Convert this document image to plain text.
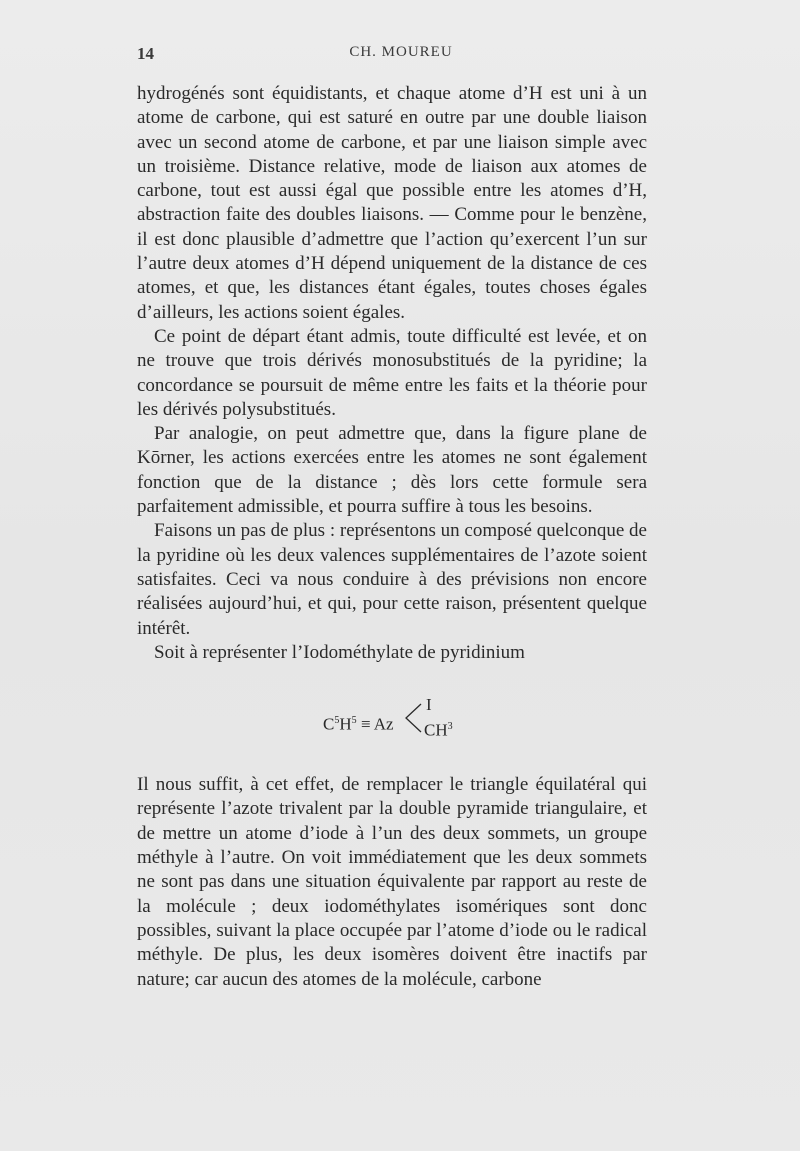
14	CH. MOUREU

hydrogénés sont équidistants, et chaque atome d’H est uni à un atome de carbone, qui est saturé en outre par une double liaison avec un second atome de carbone, et par une liaison simple avec un troisième. Distance relative, mode de liaison aux atomes de carbone, tout est aussi égal que possible entre les atomes d’H, abstraction faite des doubles liaisons. — Comme pour le benzène, il est donc plausible d’admettre que l’action qu’exercent l’un sur l’autre deux atomes d’H dépend uniquement de la distance de ces atomes, et que, les distances étant égales, toutes choses égales d’ailleurs, les actions soient égales.

Ce point de départ étant admis, toute difficulté est levée, et on ne trouve que trois dérivés monosubstitués de la pyridine; la concordance se poursuit de même entre les faits et la théorie pour les dérivés polysubstitués.

Par analogie, on peut admettre que, dans la figure plane de Kōrner, les actions exercées entre les atomes ne sont également fonction que de la distance ; dès lors cette formule sera parfaitement admissible, et pourra suffire à tous les besoins.

Faisons un pas de plus : représentons un composé quelconque de la pyridine où les deux valences supplémentaires de l’azote soient satisfaites. Ceci va nous conduire à des prévisions non encore réalisées aujourd’hui, et qui, pour cette raison, présentent quelque intérêt.

Soit à représenter l’Iodométhylate de pyridinium

$C^5H^5 \equiv Az$
I
$CH^3$

Il nous suffit, à cet effet, de remplacer le triangle équilatéral qui représente l’azote trivalent par la double pyramide triangulaire, et de mettre un atome d’iode à l’un des deux sommets, un groupe méthyle à l’autre. On voit immédiatement que les deux sommets ne sont pas dans une situation équivalente par rapport au reste de la molécule ; deux iodométhylates isomériques sont donc possibles, suivant la place occupée par l’atome d’iode ou le radical méthyle. De plus, les deux isomères doivent être inactifs par nature; car aucun des atomes de la molécule, carbone
